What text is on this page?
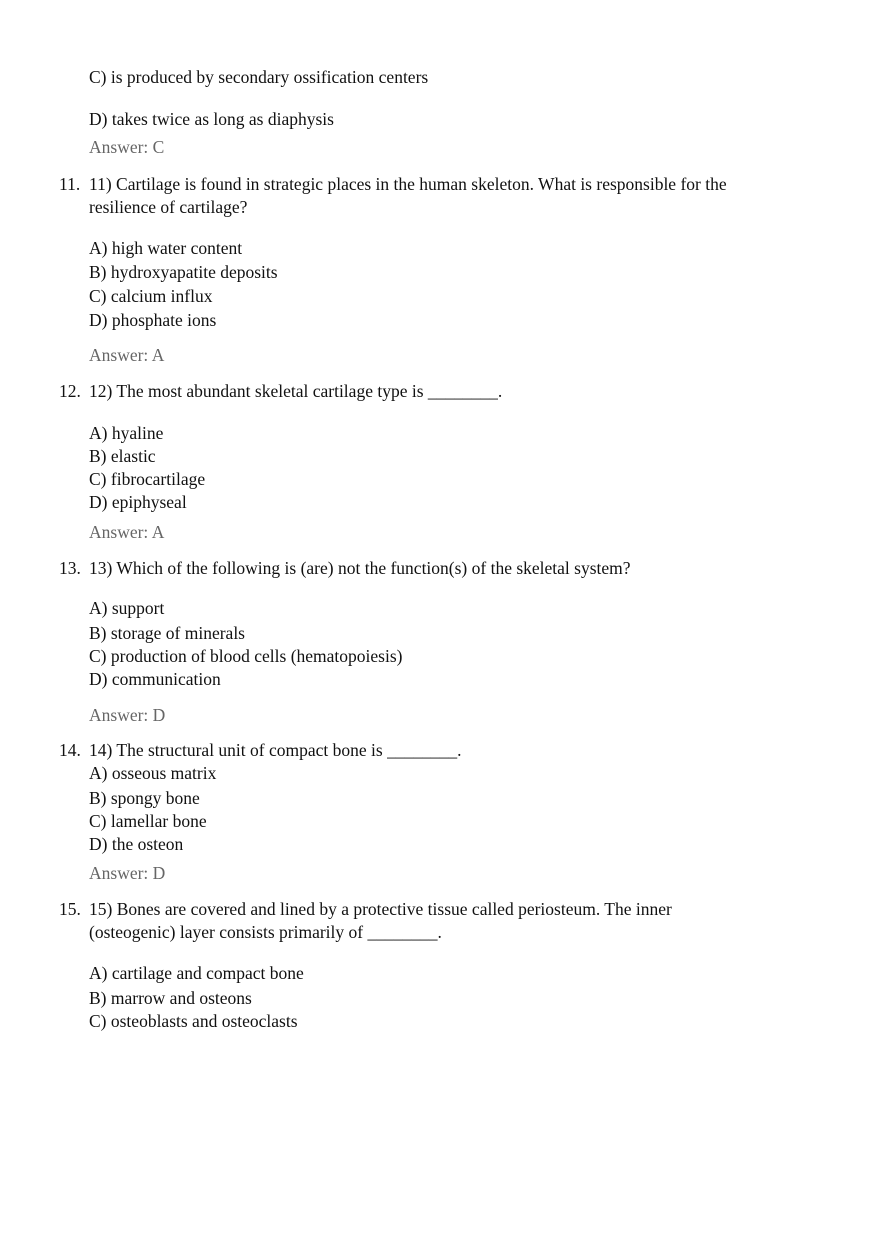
C) is produced by secondary ossification centers
D) takes twice as long as diaphysis
Answer: C
11. 11) Cartilage is found in strategic places in the human skeleton. What is responsible for the
resilience of cartilage?
A) high water content
B) hydroxyapatite deposits
C) calcium influx
D) phosphate ions
Answer: A
12. 12) The most abundant skeletal cartilage type is ________.
A) hyaline
B) elastic
C) fibrocartilage
D) epiphyseal
Answer: A
13. 13) Which of the following is (are) not the function(s) of the skeletal system?
A) support
B) storage of minerals
C) production of blood cells (hematopoiesis)
D) communication
Answer: D
14. 14) The structural unit of compact bone is ________.
A) osseous matrix
B) spongy bone
C) lamellar bone
D) the osteon
Answer: D
15. 15) Bones are covered and lined by a protective tissue called periosteum. The inner
(osteogenic) layer consists primarily of ________.
A) cartilage and compact bone
B) marrow and osteons
C) osteoblasts and osteoclasts
